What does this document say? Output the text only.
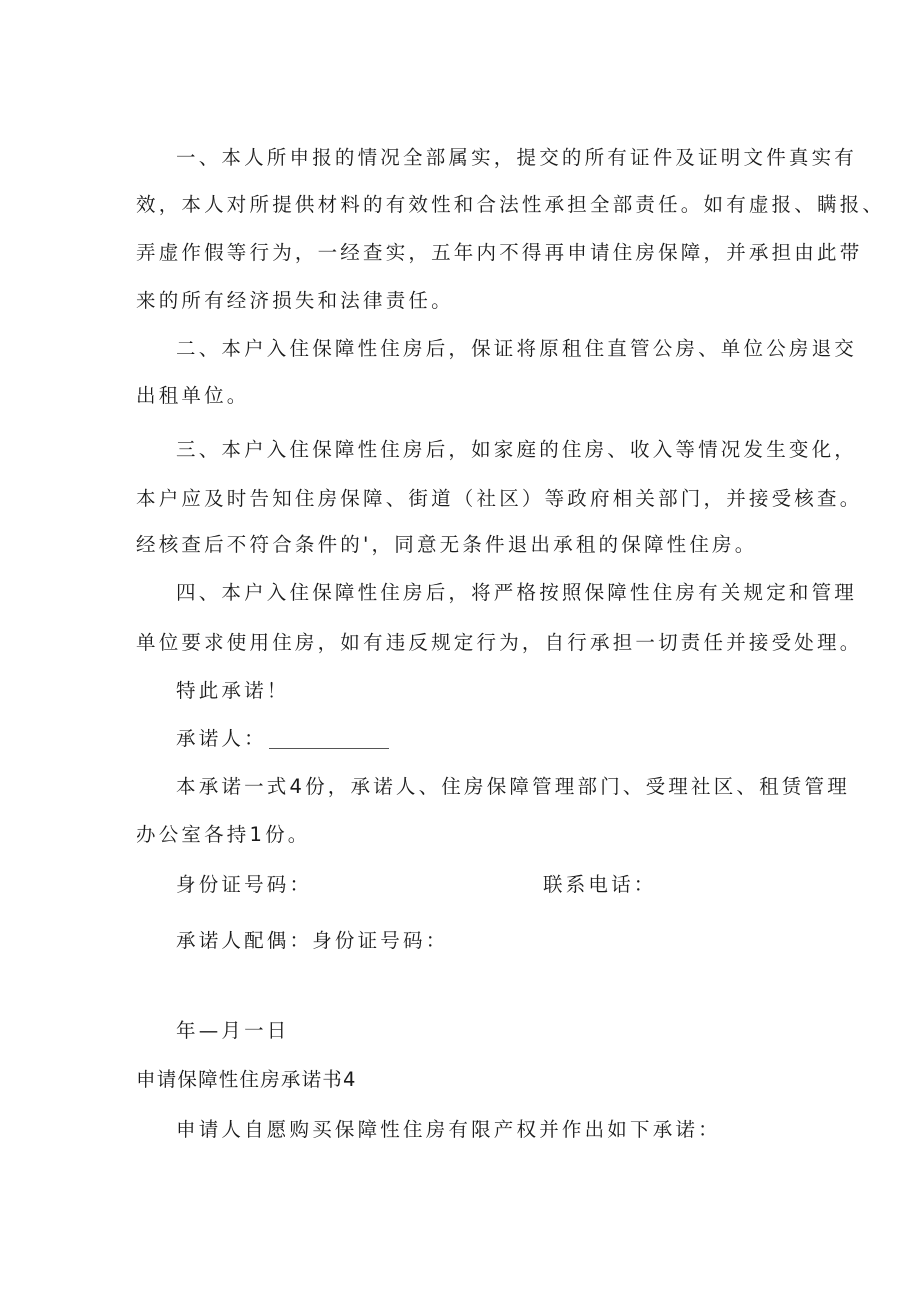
一、本人所申报的情况全部属实，提交的所有证件及证明文件真实有
效，本人对所提供材料的有效性和合法性承担全部责任。如有虚报、瞒报、
弄虚作假等行为，一经查实，五年内不得再申请住房保障，并承担由此带
来的所有经济损失和法律责任。
二、本户入住保障性住房后，保证将原租住直管公房、单位公房退交
出租单位。
三、本户入住保障性住房后，如家庭的住房、收入等情况发生变化，
本户应及时告知住房保障、街道（社区）等政府相关部门，并接受核查。
经核查后不符合条件的'，同意无条件退出承租的保障性住房。
四、本户入住保障性住房后，将严格按照保障性住房有关规定和管理
单位要求使用住房，如有违反规定行为，自行承担一切责任并接受处理。
特此承诺！
承诺人：
本承诺一式4份，承诺人、住房保障管理部门、受理社区、租赁管理
办公室各持1份。
身份证号码：	联系电话：
承诺人配偶：身份证号码：
年—月一日
申请保障性住房承诺书4
申请人自愿购买保障性住房有限产权并作出如下承诺：
